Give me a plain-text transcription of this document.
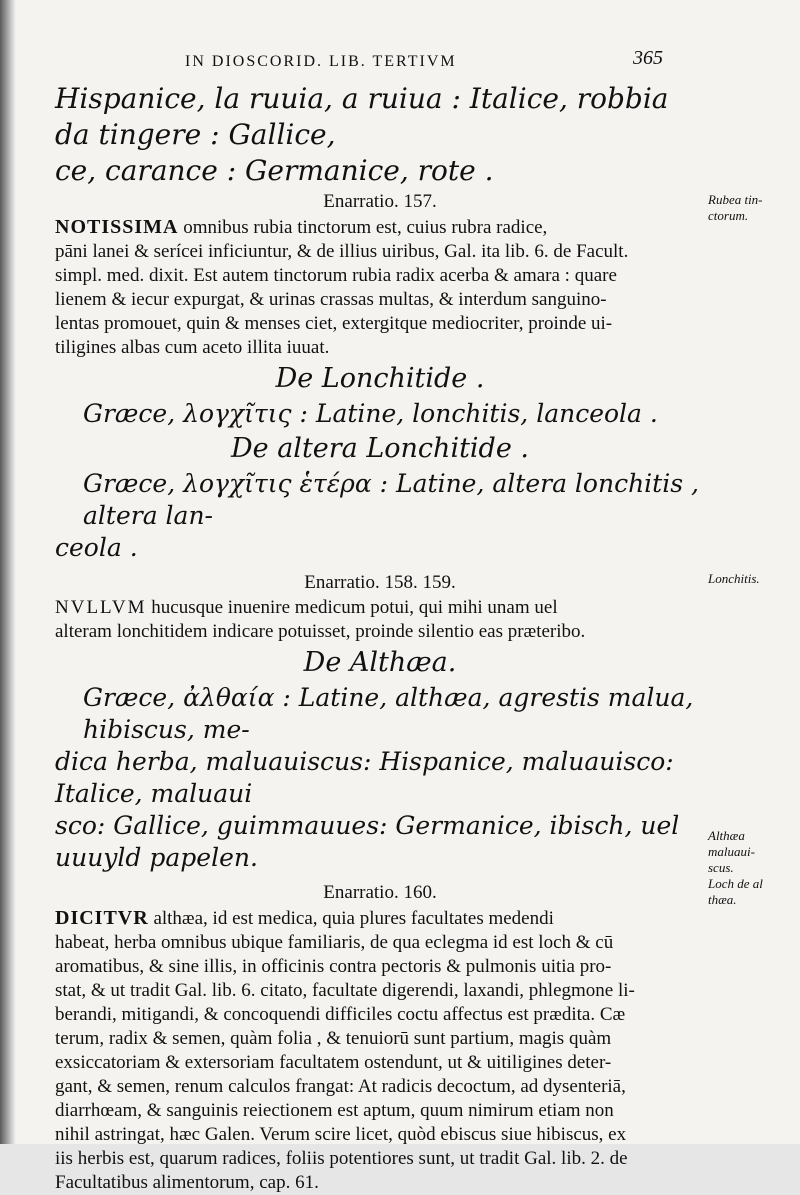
IN DIOSCORID. LIB. TERTIVM	365
Hispanice, la ruuia, a ruiua : Italice, robbia da tingere : Gallice,
ce, carance : Germanice, rote .
Enarratio. 157.
NOTISSIMA omnibus rubia tinctorum est, cuius rubra radice,
pāni lanei & serícei inficiuntur, & de illius uiribus, Gal. ita lib. 6. de Facult.
simpl. med. dixit. Est autem tinctorum rubia radix acerba & amara : quare
lienem & iecur expurgat, & urinas crassas multas, & interdum sanguino-
lentas promouet, quin & menses ciet, extergitque mediocriter, proinde ui-
tiligines albas cum aceto illita iuuat.
De Lonchitide .
Græce, λογχῖτις : Latine, lonchitis, lanceola .
De altera Lonchitide .
Græce, λογχῖτις ἑτέρα : Latine, altera lonchitis , altera lan-
ceola .
Enarratio. 158. 159.
NVLLVM hucusque inuenire medicum potui, qui mihi unam uel
alteram lonchitidem indicare potuisset, proinde silentio eas præteribo.
De Althæa.
Græce, ἀλθαία : Latine, althæa, agrestis malua, hibiscus, me-
dica herba, maluauiscus: Hispanice, maluauisco: Italice, maluaui
sco: Gallice, guimmauues: Germanice, ibisch, uel uuuyld papelen.
Enarratio. 160.
DICITVR althæa, id est medica, quia plures facultates medendi
habeat, herba omnibus ubique familiaris, de qua eclegma id est loch & cū
aromatibus, & sine illis, in officinis contra pectoris & pulmonis uitia pro-
stat, & ut tradit Gal. lib. 6. citato, facultate digerendi, laxandi, phlegmone li-
berandi, mitigandi, & concoquendi difficiles coctu affectus est prædita. Cæ
terum, radix & semen, quàm folia , & tenuiorū sunt partium, magis quàm
exsiccatoriam & extersoriam facultatem ostendunt, ut & uitiligines deter-
gant, & semen, renum calculos frangat: At radicis decoctum, ad dysenteriā,
diarrhœam, & sanguinis reiectionem est aptum, quum nimirum etiam non
nihil astringat, hæc Galen. Verum scire licet, quòd ebiscus siue hibiscus, ex
iis herbis est, quarum radices, foliis potentiores sunt, ut tradit Gal. lib. 2. de
Facultatibus alimentorum, cap. 61.
Rubea tin-
ctorum.
Lonchitis.
Althæa
maluaui-
scus.
Loch de al
thæa.
